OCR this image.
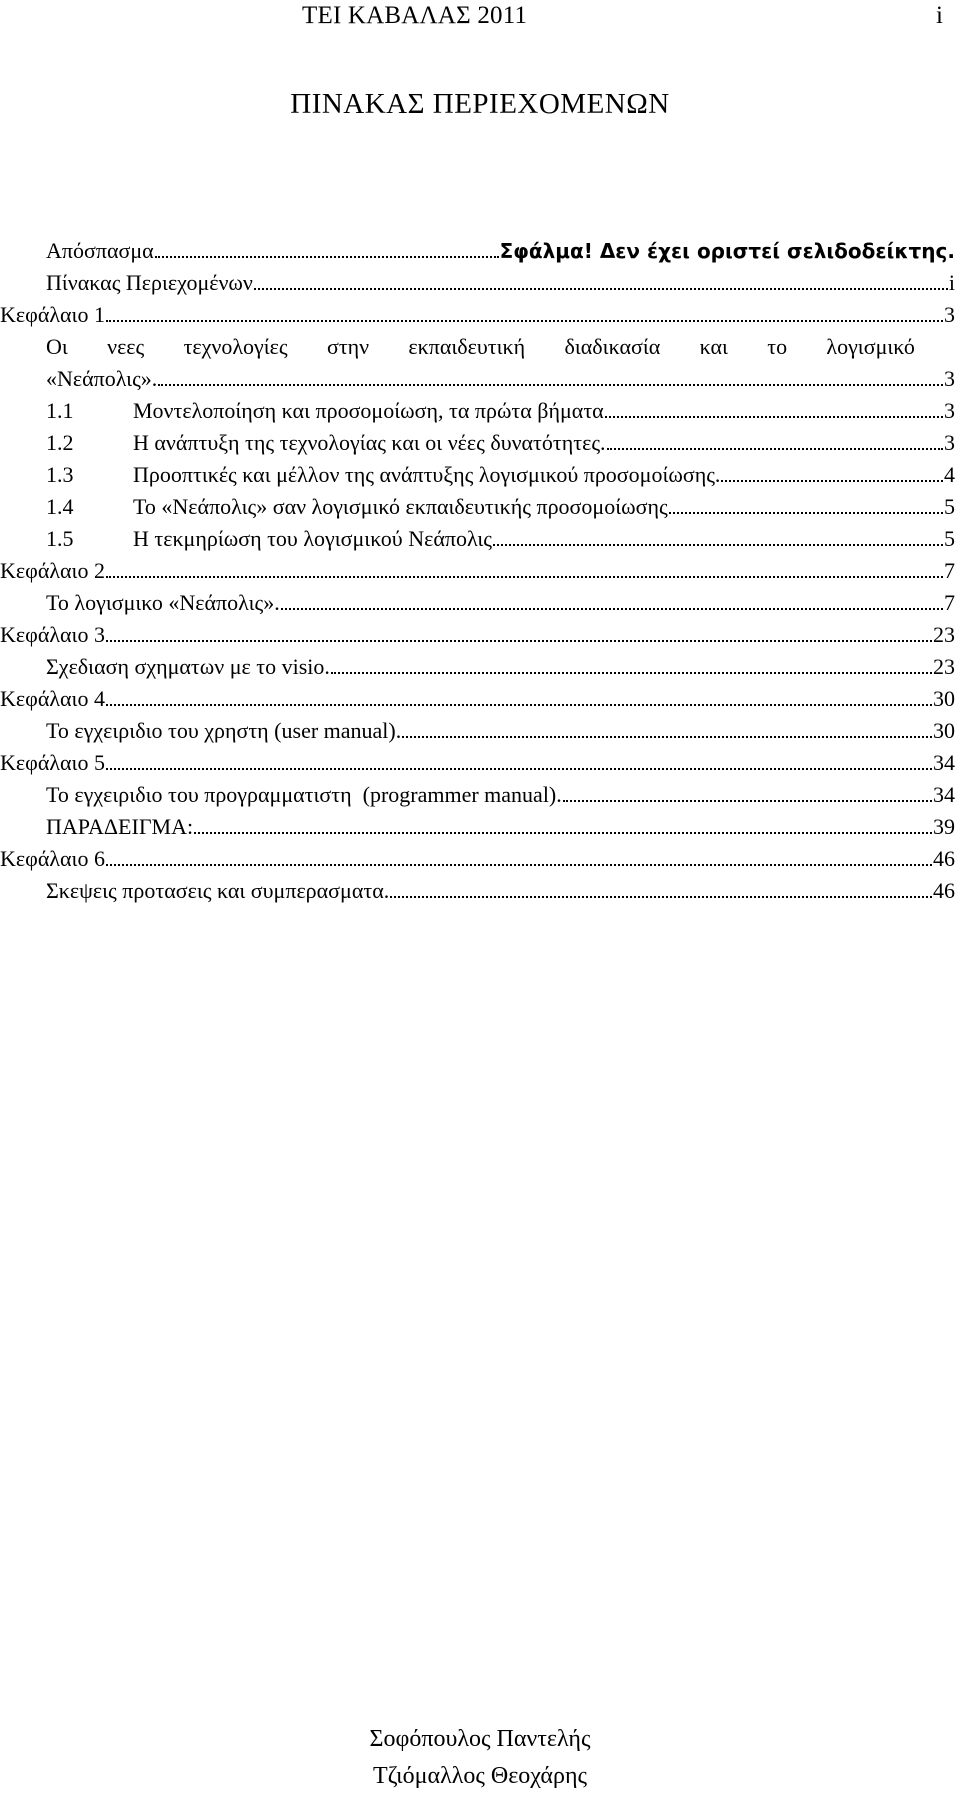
ΤΕΙ ΚΑΒΑΛΑΣ 2011	i
ΠΙΝΑΚΑΣ ΠΕΡΙΕΧΟΜΕΝΩΝ
Απόσπασμα	Σφάλμα! Δεν έχει οριστεί σελιδοδείκτης.
Πίνακας Περιεχομένων	i
Κεφάλαιο 1	3
Οι νεες τεχνολογίες στην εκπαιδευτική διαδικασία και το λογισμικό
«Νεάπολις».	3
1.1	Μοντελοποίηση και προσομοίωση, τα πρώτα βήματα	3
1.2	Η ανάπτυξη της τεχνολογίας και οι νέες δυνατότητες.	3
1.3	Προοπτικές και μέλλον της ανάπτυξης λογισμικού προσομοίωσης.	4
1.4	Το «Νεάπολις» σαν λογισμικό εκπαιδευτικής προσομοίωσης	5
1.5	Η τεκμηρίωση του λογισμικού Νεάπολις	5
Κεφάλαιο 2	7
Το λογισμικο «Νεάπολις».	7
Κεφάλαιο 3	23
Σχεδιαση σχηματων με το visio.	23
Κεφάλαιο 4	30
Το εγχειριδιο του χρηστη (user manual).	30
Κεφάλαιο 5	34
Το εγχειριδιο του προγραμματιστη  (programmer manual).	34
ΠΑΡΑΔΕΙΓΜΑ:	39
Κεφάλαιο 6	46
Σκεψεις προτασεις και συμπερασματα.	46
Σοφόπουλος Παντελής
Τζιόμαλλος Θεοχάρης
